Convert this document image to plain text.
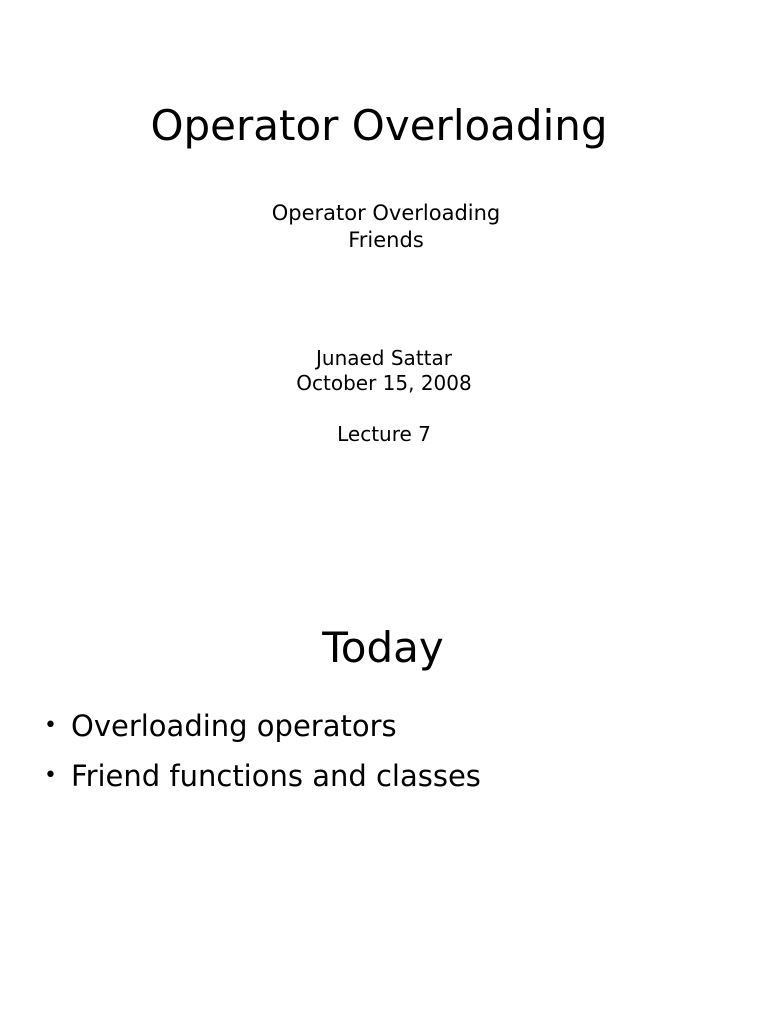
Operator Overloading
Operator Overloading
Friends
Junaed Sattar
October 15, 2008
Lecture 7
Today
• Overloading operators
• Friend functions and classes
